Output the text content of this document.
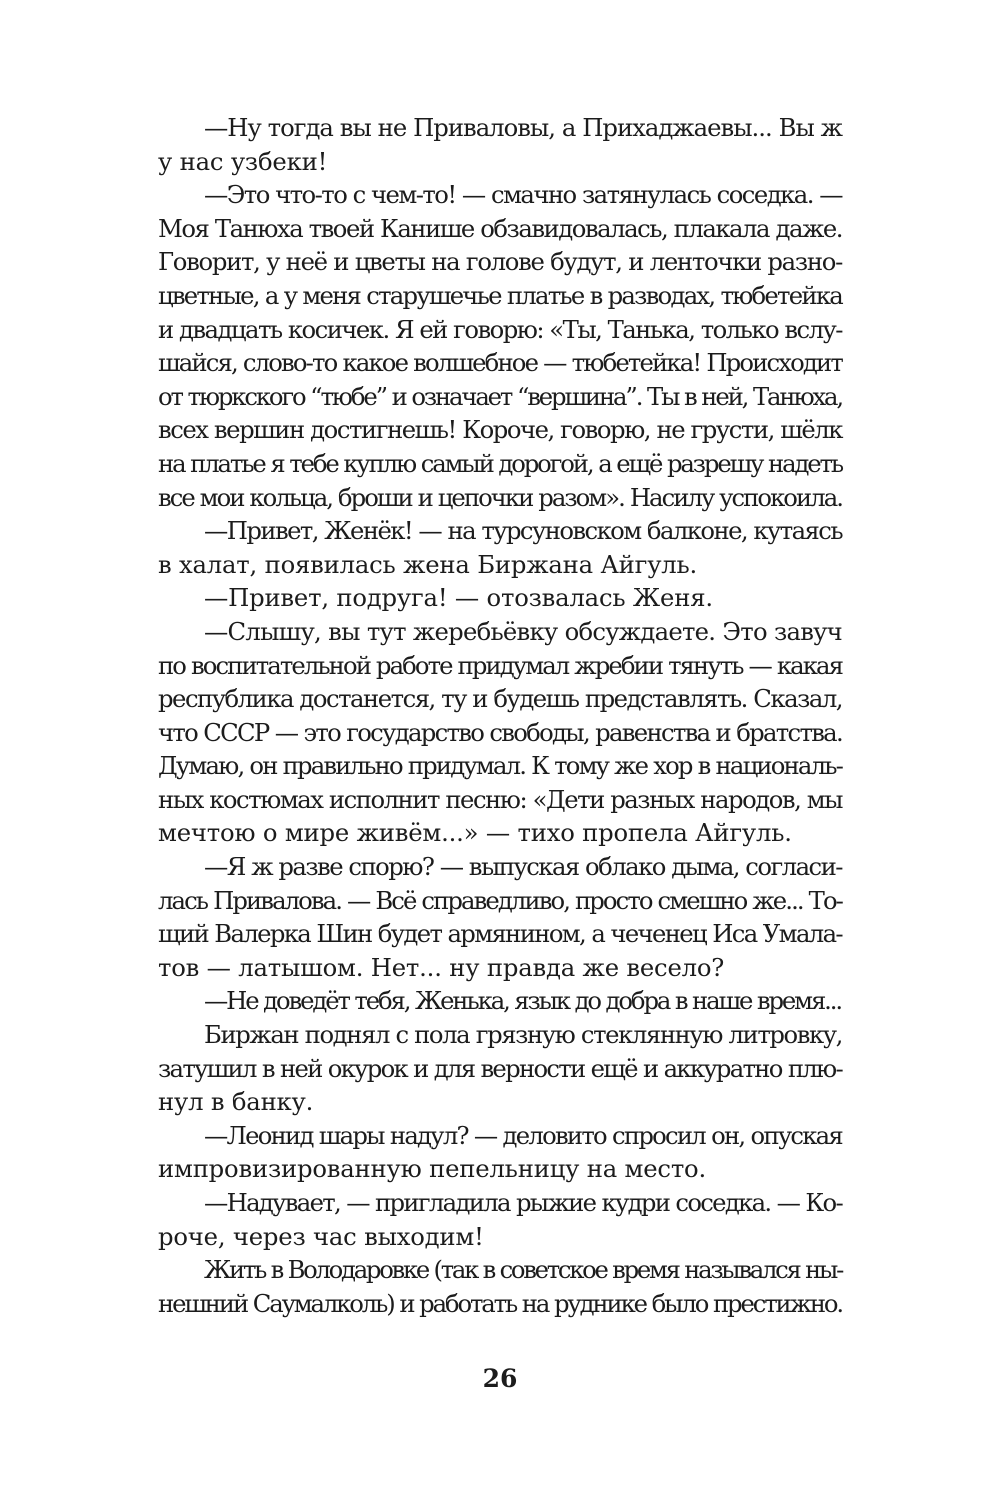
—Ну тогда вы не Приваловы, а Прихаджаевы... Вы ж
у нас узбеки!
—Это что-то с чем-то! — смачно затянулась соседка. —
Моя Танюха твоей Канише обзавидовалась, плакала даже.
Говорит, у неё и цветы на голове будут, и ленточки разно-
цветные, а у меня старушечье платье в разводах, тюбетейка
и двадцать косичек. Я ей говорю: «Ты, Танька, только вслу-
шайся, слово-то какое волшебное — тюбетейка! Происходит
от тюркского “тюбе” и означает “вершина”. Ты в ней, Танюха,
всех вершин достигнешь! Короче, говорю, не грусти, шёлк
на платье я тебе куплю самый дорогой, а ещё разрешу надеть
все мои кольца, броши и цепочки разом». Насилу успокоила.
—Привет, Женёк! — на турсуновском балконе, кутаясь
в халат, появилась жена Биржана Айгуль.
—Привет, подруга! — отозвалась Женя.
—Слышу, вы тут жеребьёвку обсуждаете. Это завуч
по воспитательной работе придумал жребии тянуть — какая
республика достанется, ту и будешь представлять. Сказал,
что СССР — это государство свободы, равенства и братства.
Думаю, он правильно придумал. К тому же хор в националь-
ных костюмах исполнит песню: «Дети разных народов, мы
мечтою о мире живём...» — тихо пропела Айгуль.
—Я ж разве спорю? — выпуская облако дыма, согласи-
лась Привалова. — Всё справедливо, просто смешно же... То-
щий Валерка Шин будет армянином, а чеченец Иса Умала-
тов — латышом. Нет... ну правда же весело?
—Не доведёт тебя, Женька, язык до добра в наше время...
Биржан поднял с пола грязную стеклянную литровку,
затушил в ней окурок и для верности ещё и аккуратно плю-
нул в банку.
—Леонид шары надул? — деловито спросил он, опуская
импровизированную пепельницу на место.
—Надувает, — пригладила рыжие кудри соседка. — Ко-
роче, через час выходим!
Жить в Володаровке (так в советское время назывался ны-
нешний Саумалколь) и работать на руднике было престижно.
26
